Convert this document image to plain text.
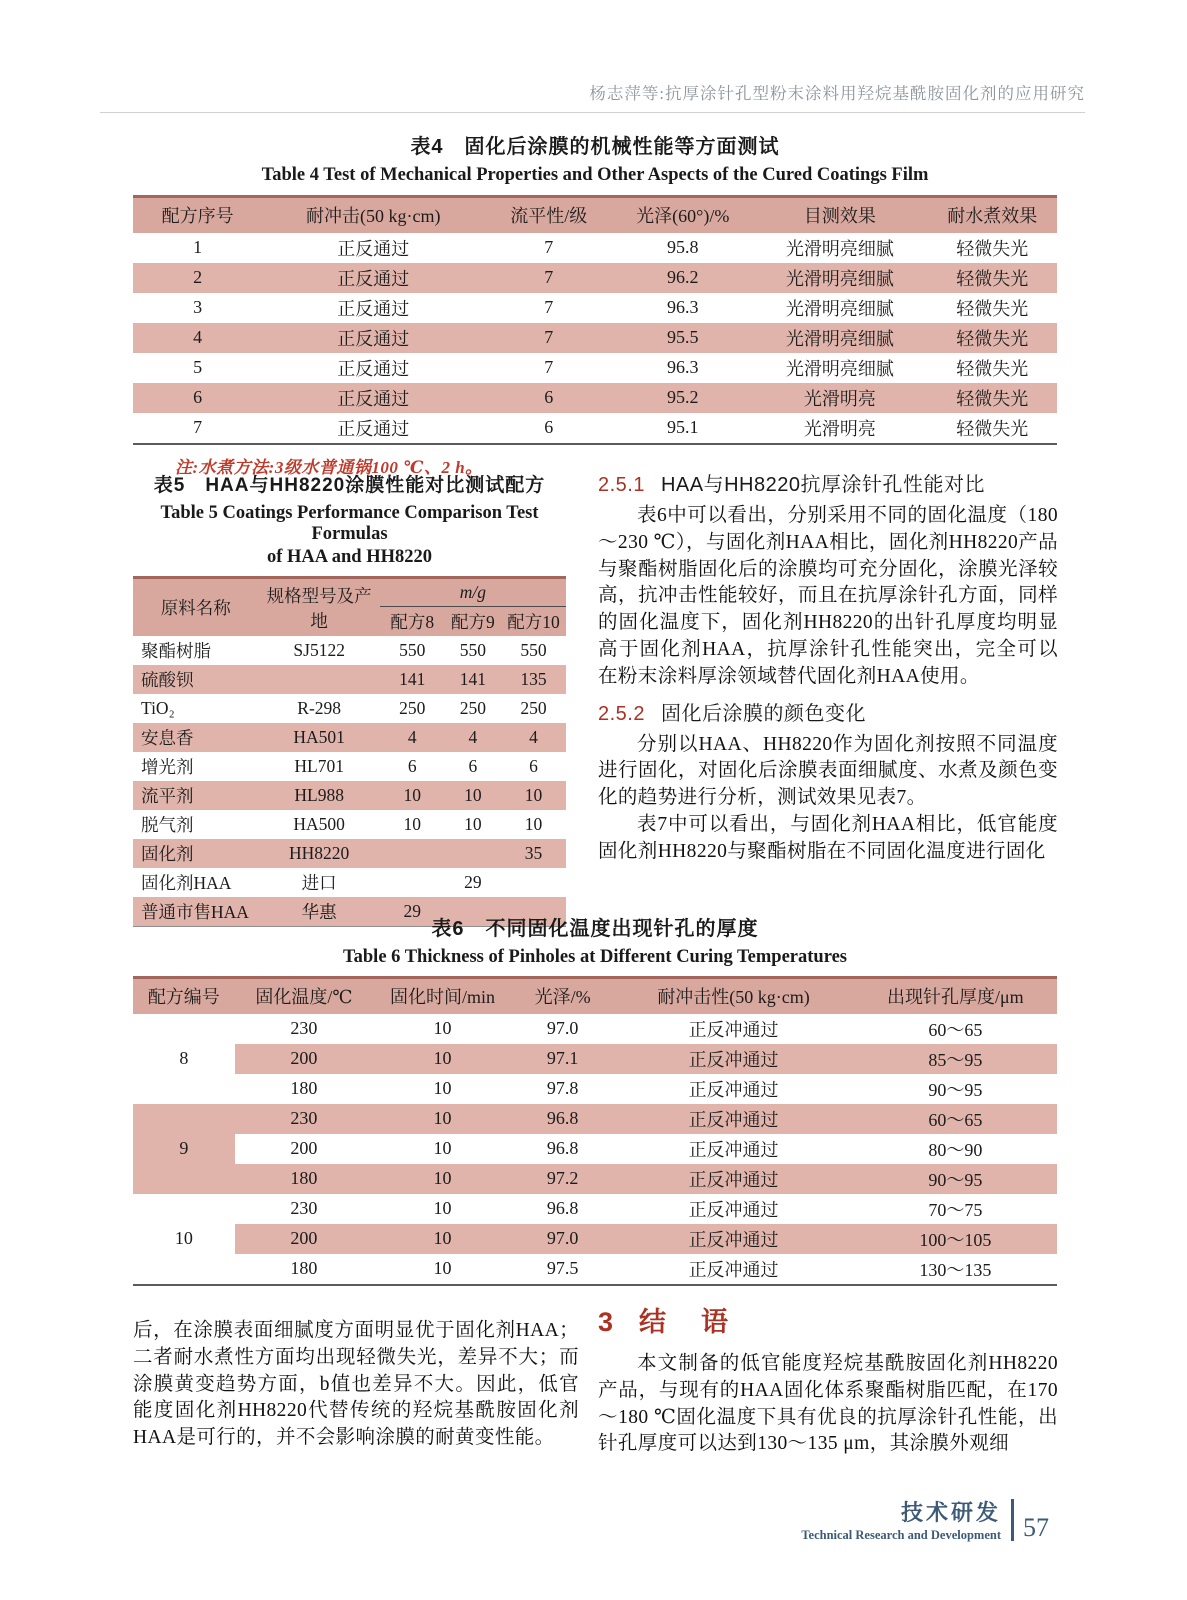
杨志萍等:抗厚涂针孔型粉末涂料用羟烷基酰胺固化剂的应用研究
表4　固化后涂膜的机械性能等方面测试
Table 4 Test of Mechanical Properties and Other Aspects of the Cured Coatings Film
配方序号	耐冲击(50 kg·cm)	流平性/级	光泽(60°)/%	目测效果	耐水煮效果
1	正反通过	7	95.8	光滑明亮细腻	轻微失光
2	正反通过	7	96.2	光滑明亮细腻	轻微失光
3	正反通过	7	96.3	光滑明亮细腻	轻微失光
4	正反通过	7	95.5	光滑明亮细腻	轻微失光
5	正反通过	7	96.3	光滑明亮细腻	轻微失光
6	正反通过	6	95.2	光滑明亮	轻微失光
7	正反通过	6	95.1	光滑明亮	轻微失光
注:水煮方法:3级水普通锅100 ℃、2 h。
表5　HAA与HH8220涂膜性能对比测试配方
Table 5 Coatings Performance Comparison Test Formulas
of HAA and HH8220
原料名称	规格型号及产地	m/g		
		配方8	配方9	配方10
聚酯树脂	SJ5122	550	550	550
硫酸钡		141	141	135
TiO₂	R-298	250	250	250
安息香	HA501	4	4	4
增光剂	HL701	6	6	6
流平剂	HL988	10	10	10
脱气剂	HA500	10	10	10
固化剂	HH8220			35
固化剂HAA	进口		29	
普通市售HAA	华惠	29		
2.5.1 HAA与HH8220抗厚涂针孔性能对比
表6中可以看出，分别采用不同的固化温度（180～230 ℃），与固化剂HAA相比，固化剂HH8220产品与聚酯树脂固化后的涂膜均可充分固化，涂膜光泽较高，抗冲击性能较好，而且在抗厚涂针孔方面，同样的固化温度下，固化剂HH8220的出针孔厚度均明显高于固化剂HAA，抗厚涂针孔性能突出，完全可以在粉末涂料厚涂领域替代固化剂HAA使用。
2.5.2 固化后涂膜的颜色变化
分别以HAA、HH8220作为固化剂按照不同温度进行固化，对固化后涂膜表面细腻度、水煮及颜色变化的趋势进行分析，测试效果见表7。
表7中可以看出，与固化剂HAA相比，低官能度固化剂HH8220与聚酯树脂在不同固化温度进行固化
表6　不同固化温度出现针孔的厚度
Table 6 Thickness of Pinholes at Different Curing Temperatures
配方编号	固化温度/℃	固化时间/min	光泽/%	耐冲击性(50 kg·cm)	出现针孔厚度/μm
8	230	10	97.0	正反冲通过	60～65
	200	10	97.1	正反冲通过	85～95
	180	10	97.8	正反冲通过	90～95
9	230	10	96.8	正反冲通过	60～65
	200	10	96.8	正反冲通过	80～90
	180	10	97.2	正反冲通过	90～95
10	230	10	96.8	正反冲通过	70～75
	200	10	97.0	正反冲通过	100～105
	180	10	97.5	正反冲通过	130～135
后，在涂膜表面细腻度方面明显优于固化剂HAA；二者耐水煮性方面均出现轻微失光，差异不大；而涂膜黄变趋势方面，b值也差异不大。因此，低官能度固化剂HH8220代替传统的羟烷基酰胺固化剂HAA是可行的，并不会影响涂膜的耐黄变性能。
3 结　语
本文制备的低官能度羟烷基酰胺固化剂HH8220产品，与现有的HAA固化体系聚酯树脂匹配，在170～180 ℃固化温度下具有优良的抗厚涂针孔性能，出针孔厚度可以达到130～135 μm，其涂膜外观细
技术研发
Technical Research and Development 57
